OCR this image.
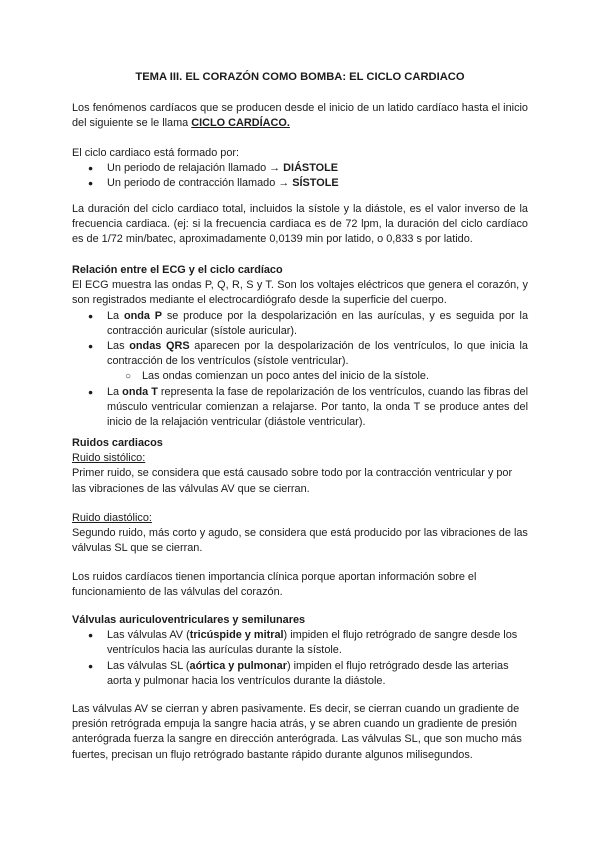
TEMA III. EL CORAZÓN COMO BOMBA: EL CICLO CARDIACO

Los fenómenos cardíacos que se producen desde el inicio de un latido cardíaco hasta el inicio del siguiente se le llama CICLO CARDÍACO.

El ciclo cardiaco está formado por:

● Un periodo de relajación llamado → DIÁSTOLE
● Un periodo de contracción llamado → SÍSTOLE

La duración del ciclo cardiaco total, incluidos la sístole y la diástole, es el valor inverso de la frecuencia cardiaca. (ej: si la frecuencia cardiaca es de 72 lpm, la duración del ciclo cardíaco es de 1/72 min/batec, aproximadamente 0,0139 min por latido, o 0,833 s por latido.

Relación entre el ECG y el ciclo cardíaco

El ECG muestra las ondas P, Q, R, S y T. Son los voltajes eléctricos que genera el corazón, y son registrados mediante el electrocardiógrafo desde la superficie del cuerpo.

● La onda P se produce por la despolarización en las aurículas, y es seguida por la contracción auricular (sístole auricular).
● Las ondas QRS aparecen por la despolarización de los ventrículos, lo que inicia la contracción de los ventrículos (sístole ventricular).
○ Las ondas comienzan un poco antes del inicio de la sístole.
● La onda T representa la fase de repolarización de los ventrículos, cuando las fibras del músculo ventricular comienzan a relajarse. Por tanto, la onda T se produce antes del inicio de la relajación ventricular (diástole ventricular).

Ruidos cardiacos

Ruido sistólico:

Primer ruido, se considera que está causado sobre todo por la contracción ventricular y por las vibraciones de las válvulas AV que se cierran.

Ruido diastólico:

Segundo ruido, más corto y agudo, se considera que está producido por las vibraciones de las válvulas SL que se cierran.

Los ruidos cardíacos tienen importancia clínica porque aportan información sobre el funcionamiento de las válvulas del corazón.

Válvulas auriculoventriculares y semilunares

● Las válvulas AV (tricúspide y mitral) impiden el flujo retrógrado de sangre desde los ventrículos hacia las aurículas durante la sístole.
● Las válvulas SL (aórtica y pulmonar) impiden el flujo retrógrado desde las arterias aorta y pulmonar hacia los ventrículos durante la diástole.

Las válvulas AV se cierran y abren pasivamente. Es decir, se cierran cuando un gradiente de presión retrógrada empuja la sangre hacia atrás, y se abren cuando un gradiente de presión anterógrada fuerza la sangre en dirección anterógrada. Las válvulas SL, que son mucho más fuertes, precisan un flujo retrógrado bastante rápido durante algunos milisegundos.
